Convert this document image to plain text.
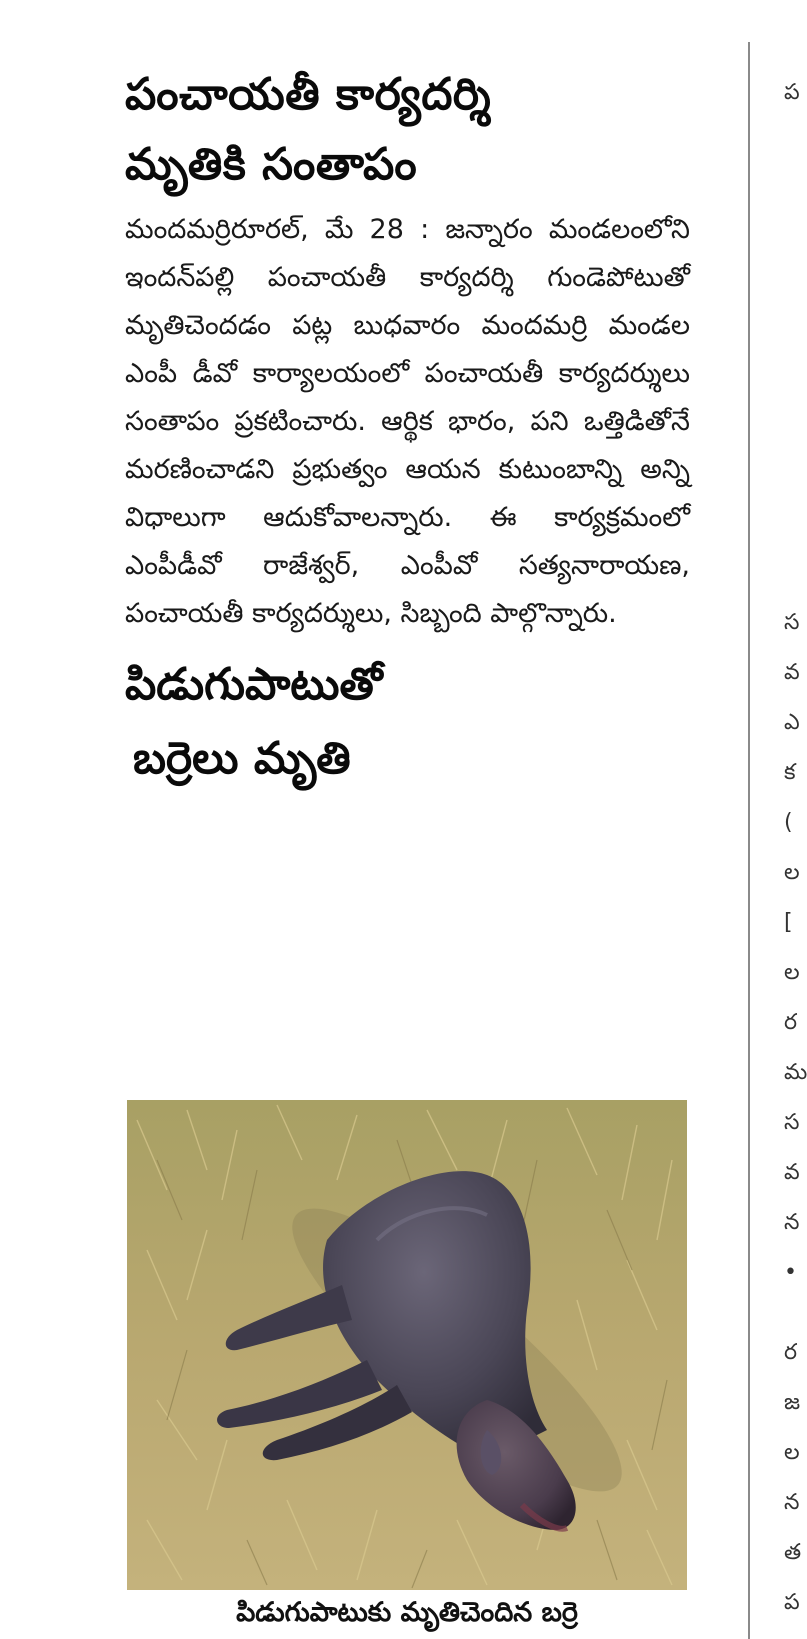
పంచాయతీ కార్యదర్శి
మృతికి సంతాపం
మందమర్రిరూరల్, మే 28 : జన్నారం మండలంలోని ఇందన్‌పల్లి పంచాయతీ కార్యదర్శి గుండెపోటుతో మృతిచెందడం పట్ల బుధవారం మందమర్రి మండల ఎంపీ డీవో కార్యాలయంలో పంచాయతీ కార్యదర్శులు సంతాపం ప్రకటించారు. ఆర్థిక భారం, పని ఒత్తిడితోనే మరణించాడని ప్రభుత్వం ఆయన కుటుంబాన్ని అన్ని విధాలుగా ఆదుకోవాలన్నారు. ఈ కార్యక్రమంలో ఎంపీడీవో రాజేశ్వర్, ఎంపీవో సత్యనారాయణ, పంచాయతీ కార్యదర్శులు, సిబ్బంది పాల్గొన్నారు.
పిడుగుపాటుతో
బర్రెలు మృతి
పిడుగుపాటుకు మృతిచెందిన బర్రె
ప
స
వ
ఎ
క
(
ల
[
ల
ర
మ
స
వ
న
•
ర
జ
ల
న
త
ప
